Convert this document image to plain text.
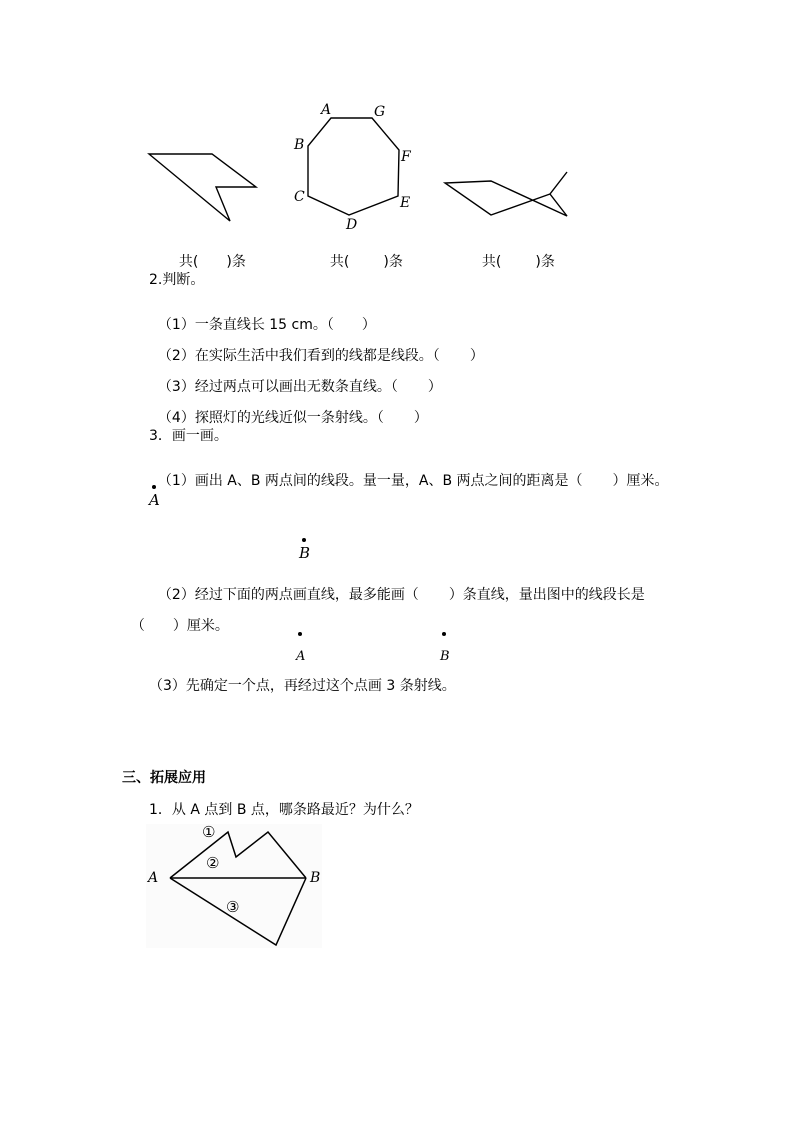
A	G
B
F
C	E
D

共( )条	共( )条	共( )条

2.判断。

（1）一条直线长 15 cm。（ ）

（2）在实际生活中我们看到的线都是线段。（ ）

（3）经过两点可以画出无数条直线。（ ）

（4）探照灯的光线近似一条射线。（ ）

3．画一画。

（1）画出 A、B 两点间的线段。量一量，A、B 两点之间的距离是（ ）厘米。

A
B

（2）经过下面的两点画直线，最多能画（ ）条直线，量出图中的线段长是

（ ）厘米。

A	B
（3）先确定一个点，再经过这个点画 3 条射线。
三、拓展应用
1．从 A 点到 B 点，哪条路最近？为什么？
①
②
③
A	B
